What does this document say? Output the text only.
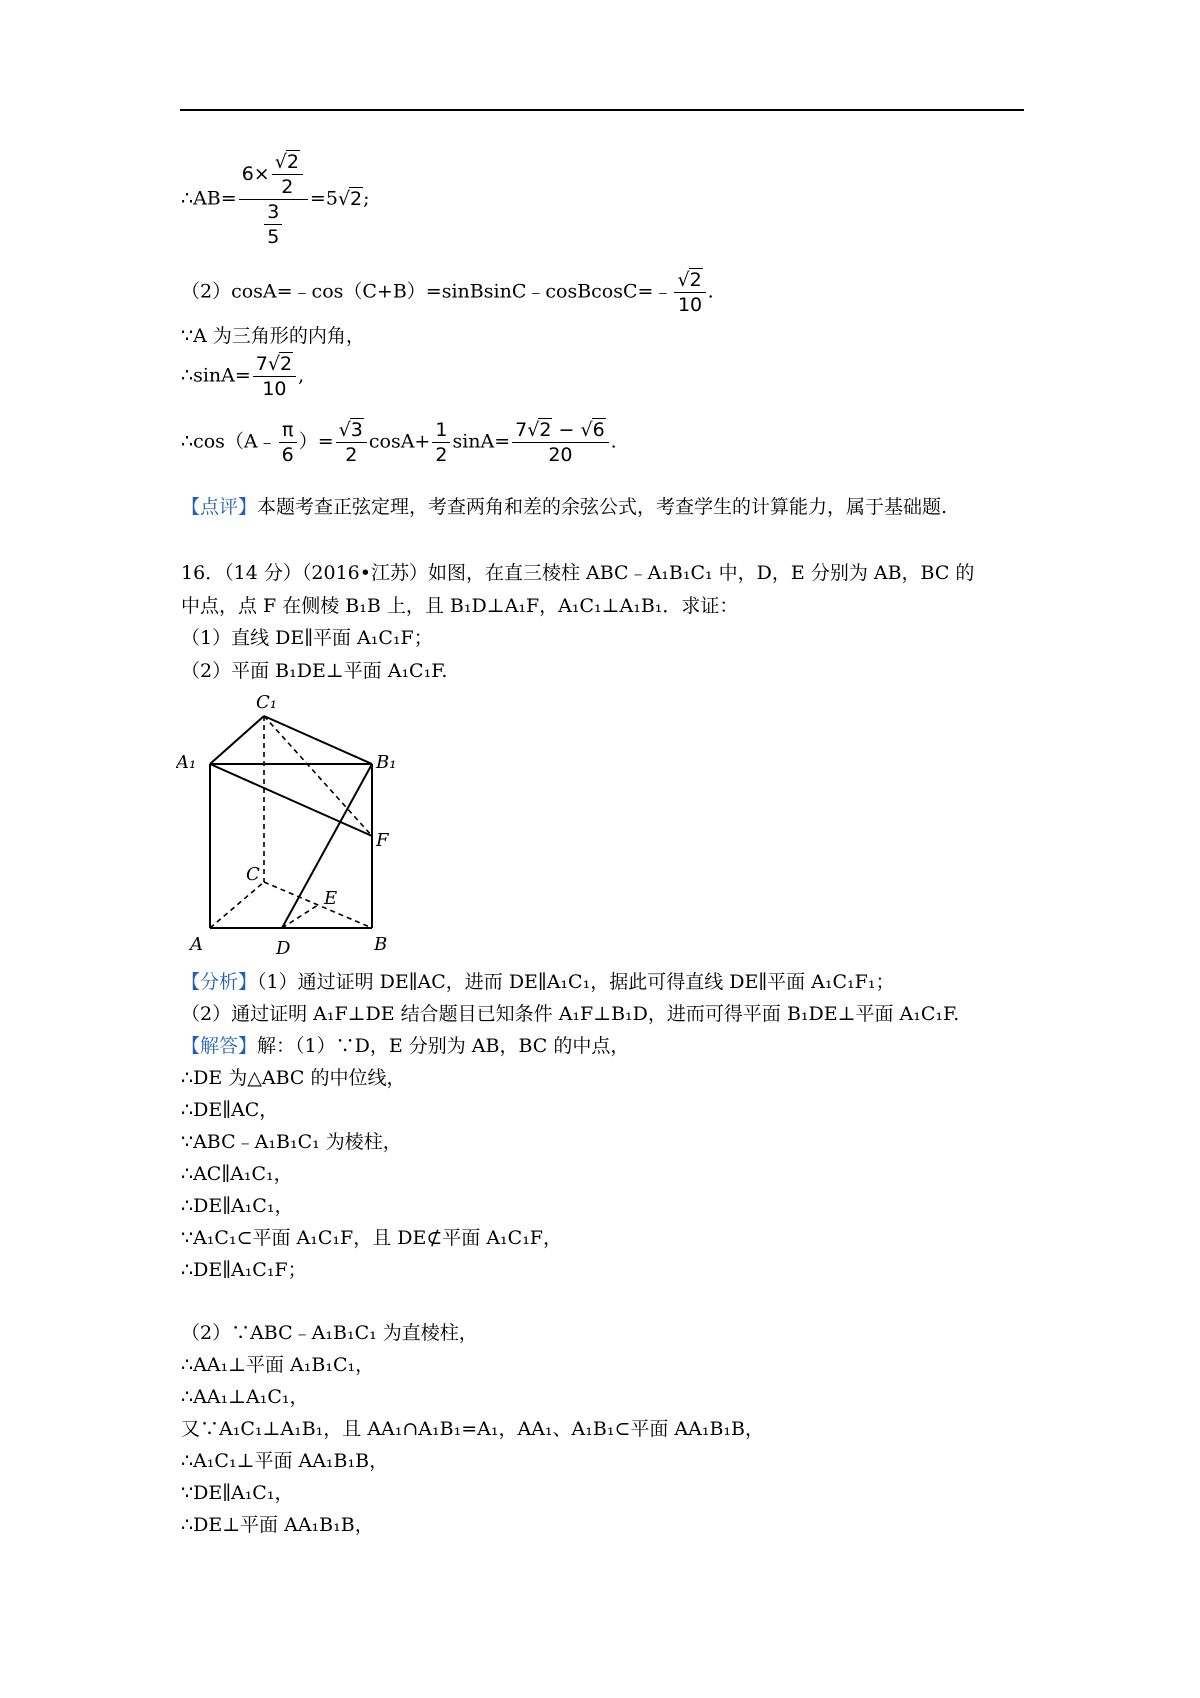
∴AB= $\frac{6\times \frac{√2}{2}}{\frac{3}{5}} =5√2$;
（2）cosA=﹣cos（C+B）=sinBsinC﹣cosBcosC=﹣ $\frac{√2}{10}$ .
∵A 为三角形的内角，
∴sinA= $\frac{7√2}{10}$ ,
∴cos（A﹣ $\frac{\pi}{6}$ ）= $\frac{√3}{2} \cos A+ \frac{1}{2} \sin A= \frac{7√2 - √6}{20}$ .
【点评】本题考查正弦定理，考查两角和差的余弦公式，考查学生的计算能力，属于基础题.
16．（14 分）（2016•江苏）如图，在直三棱柱 ABC﹣A₁B₁C₁ 中，D，E 分别为 AB，BC 的
中点，点 F 在侧棱 B₁B 上，且 B₁D⊥A₁F，A₁C₁⊥A₁B₁．求证：
（1）直线 DE∥平面 A₁C₁F；
（2）平面 B₁DE⊥平面 A₁C₁F.
C₁
A₁	B₁
F
C
E
A	D	B
【分析】（1）通过证明 DE∥AC，进而 DE∥A₁C₁，据此可得直线 DE∥平面 A₁C₁F₁；
（2）通过证明 A₁F⊥DE 结合题目已知条件 A₁F⊥B₁D，进而可得平面 B₁DE⊥平面 A₁C₁F.
【解答】解：（1）∵D，E 分别为 AB，BC 的中点，
∴DE 为△ABC 的中位线，
∴DE∥AC，
∵ABC﹣A₁B₁C₁ 为棱柱，
∴AC∥A₁C₁，
∴DE∥A₁C₁，
∵A₁C₁⊂平面 A₁C₁F，且 DE⊄平面 A₁C₁F，
∴DE∥A₁C₁F；
（2）∵ABC﹣A₁B₁C₁ 为直棱柱，
∴AA₁⊥平面 A₁B₁C₁，
∴AA₁⊥A₁C₁，
又∵A₁C₁⊥A₁B₁，且 AA₁∩A₁B₁=A₁，AA₁、A₁B₁⊂平面 AA₁B₁B，
∴A₁C₁⊥平面 AA₁B₁B，
∵DE∥A₁C₁，
∴DE⊥平面 AA₁B₁B，
